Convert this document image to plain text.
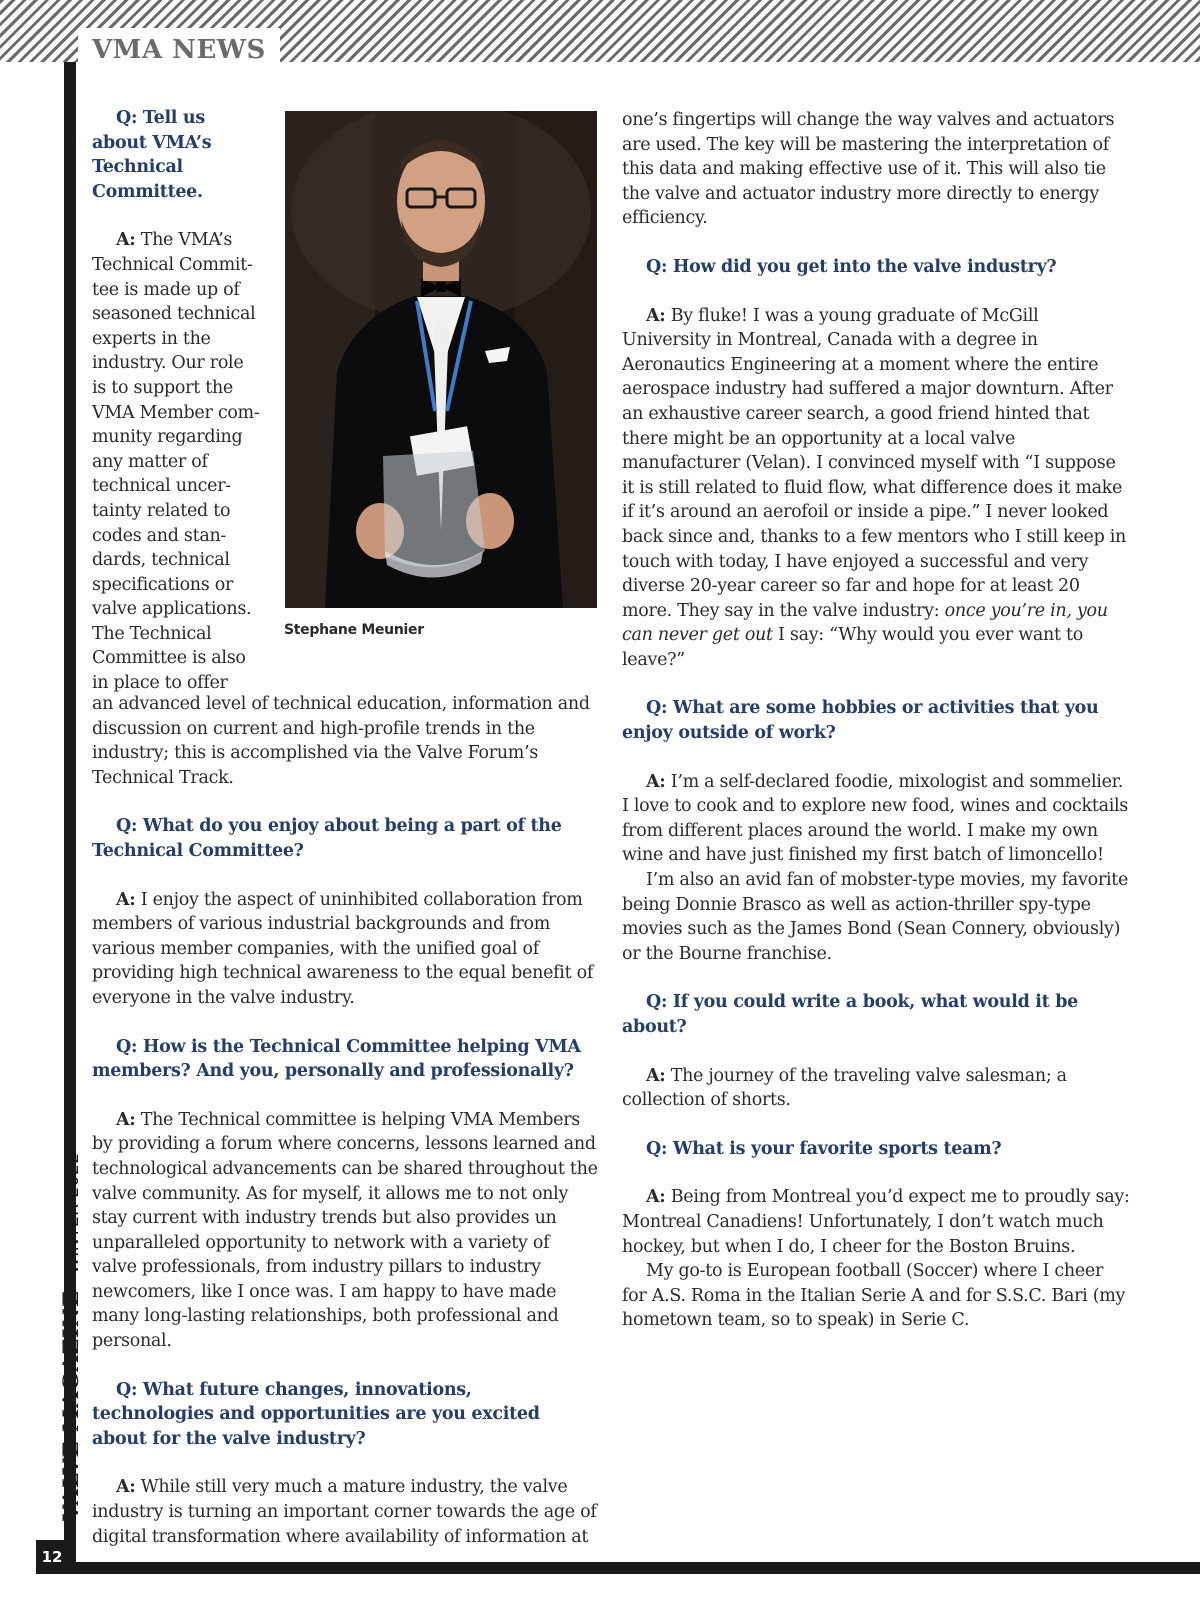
VMA NEWS
12
VALVE MAGAZINEWINTER 2022
Stephane Meunier
Q: Tell us
about VMA’s
Technical
Committee.
A: The VMA’s
Technical Commit-
tee is made up of
seasoned technical
experts in the
industry. Our role
is to support the
VMA Member com-
munity regarding
any matter of
technical uncer-
tainty related to
codes and stan-
dards, technical
specifications or
valve applications.
The Technical
Committee is also
in place to offer
an advanced level of technical education, information and discussion on current and high-profile trends in the industry; this is accomplished via the Valve Forum’s Technical Track.
Q: What do you enjoy about being a part of the Technical Committee?
A: I enjoy the aspect of uninhibited collaboration from members of various industrial backgrounds and from various member companies, with the unified goal of providing high technical awareness to the equal benefit of everyone in the valve industry.
Q: How is the Technical Committee helping VMA members? And you, personally and professionally?
A: The Technical committee is helping VMA Members by providing a forum where concerns, lessons learned and technological advancements can be shared throughout the valve community. As for myself, it allows me to not only stay current with industry trends but also provides un unparalleled opportunity to network with a variety of valve professionals, from industry pillars to industry newcomers, like I once was. I am happy to have made many long-lasting relationships, both professional and personal.
Q: What future changes, innovations, technologies and opportunities are you excited about for the valve industry?
A: While still very much a mature industry, the valve industry is turning an important corner towards the age of digital transformation where availability of information at
one’s fingertips will change the way valves and actuators are used. The key will be mastering the interpretation of this data and making effective use of it. This will also tie the valve and actuator industry more directly to energy efficiency.
Q: How did you get into the valve industry?
A: By fluke! I was a young graduate of McGill University in Montreal, Canada with a degree in Aeronautics Engineering at a moment where the entire aerospace industry had suffered a major downturn. After an exhaustive career search, a good friend hinted that there might be an opportunity at a local valve manufacturer (Velan). I convinced myself with “I suppose it is still related to fluid flow, what difference does it make if it’s around an aerofoil or inside a pipe.” I never looked back since and, thanks to a few mentors who I still keep in touch with today, I have enjoyed a successful and very diverse 20-year career so far and hope for at least 20 more. They say in the valve industry: once you’re in, you can never get out I say: “Why would you ever want to leave?”
Q: What are some hobbies or activities that you enjoy outside of work?
A: I’m a self-declared foodie, mixologist and sommelier. I love to cook and to explore new food, wines and cocktails from different places around the world. I make my own wine and have just finished my first batch of limoncello!
I’m also an avid fan of mobster-type movies, my favorite being Donnie Brasco as well as action-thriller spy-type movies such as the James Bond (Sean Connery, obviously) or the Bourne franchise.
Q: If you could write a book, what would it be about?
A: The journey of the traveling valve salesman; a collection of shorts.
Q: What is your favorite sports team?
A: Being from Montreal you’d expect me to proudly say: Montreal Canadiens! Unfortunately, I don’t watch much hockey, but when I do, I cheer for the Boston Bruins.
My go-to is European football (Soccer) where I cheer for A.S. Roma in the Italian Serie A and for S.S.C. Bari (my hometown team, so to speak) in Serie C.
